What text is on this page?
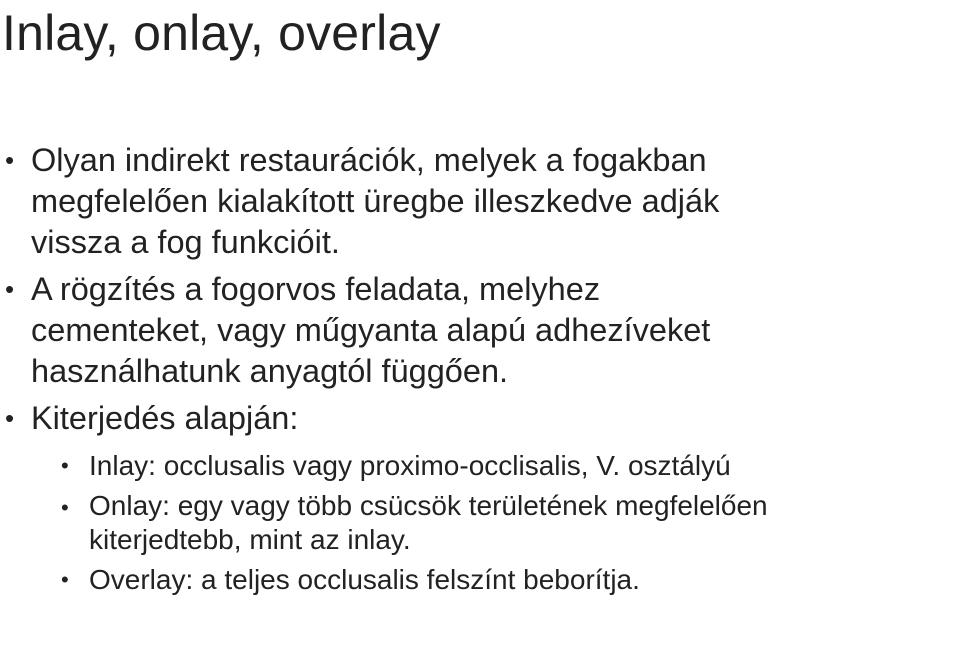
Inlay, onlay, overlay
• Olyan indirekt restaurációk, melyek a fogakban
megfelelően kialakított üregbe illeszkedve adják
vissza a fog funkcióit.
• A rögzítés a fogorvos feladata, melyhez
cementeket, vagy műgyanta alapú adhezíveket
használhatunk anyagtól függően.
• Kiterjedés alapján:
• Inlay: occlusalis vagy proximo-occlisalis, V. osztályú
• Onlay: egy vagy több csücsök területének megfelelően
kiterjedtebb, mint az inlay.
• Overlay: a teljes occlusalis felszínt beborítja.
